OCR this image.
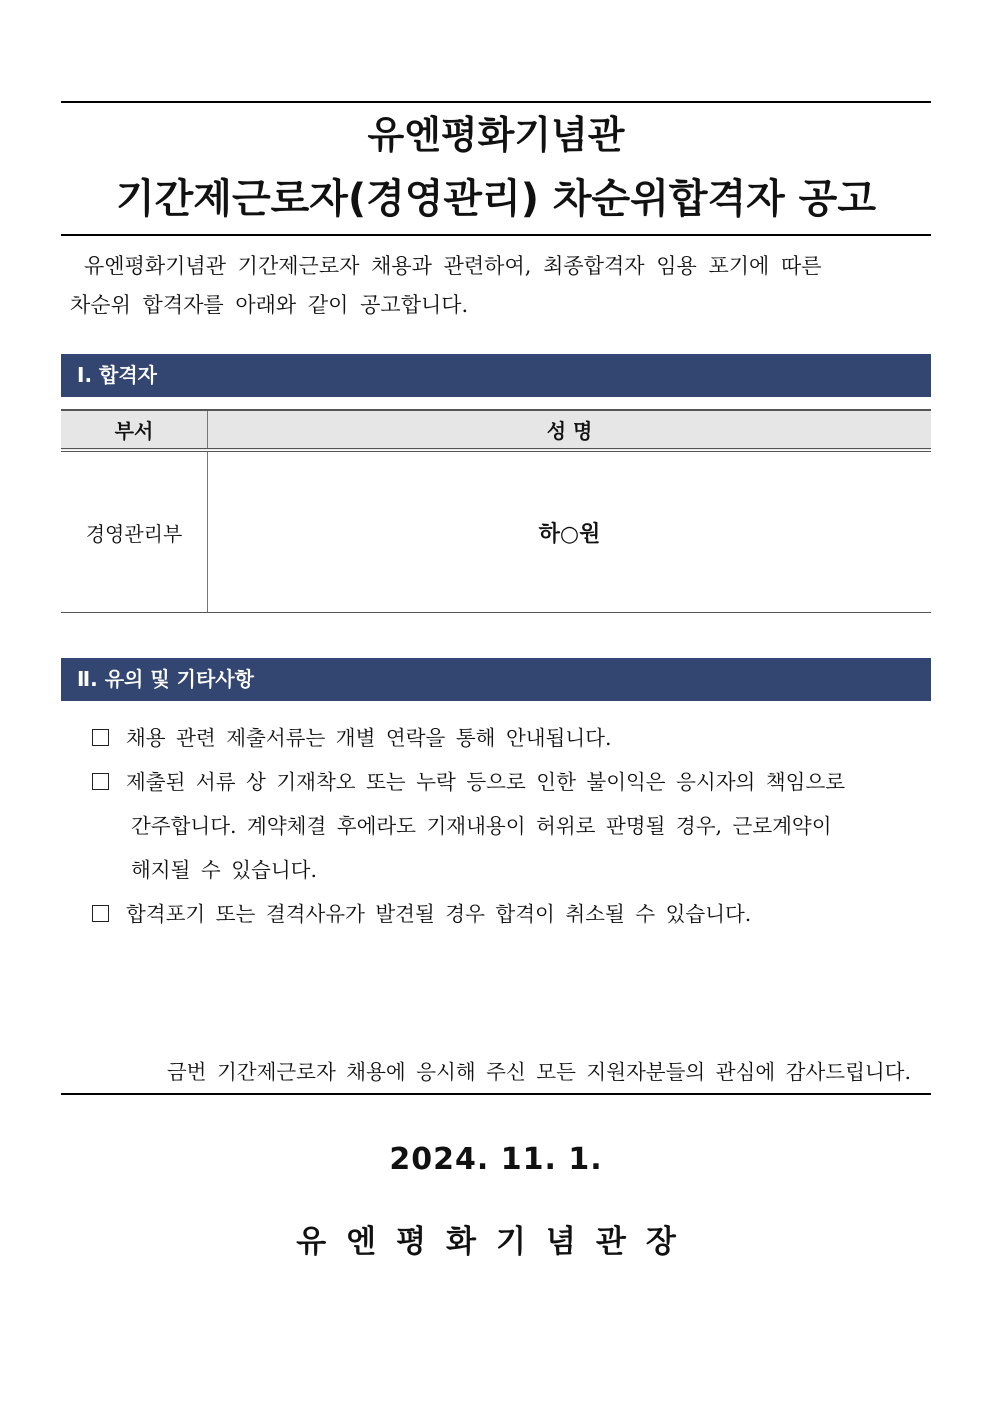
유엔평화기념관
기간제근로자(경영관리) 차순위합격자 공고
유엔평화기념관 기간제근로자 채용과 관련하여, 최종합격자 임용 포기에 따른
차순위 합격자를 아래와 같이 공고합니다.
Ⅰ. 합격자
부서	성 명
경영관리부	하○원
Ⅱ. 유의 및 기타사항
채용 관련 제출서류는 개별 연락을 통해 안내됩니다.
제출된 서류 상 기재착오 또는 누락 등으로 인한 불이익은 응시자의 책임으로
간주합니다. 계약체결 후에라도 기재내용이 허위로 판명될 경우, 근로계약이
해지될 수 있습니다.
합격포기 또는 결격사유가 발견될 경우 합격이 취소될 수 있습니다.
금번 기간제근로자 채용에 응시해 주신 모든 지원자분들의 관심에 감사드립니다.
2024. 11. 1.
유엔평화기념관장
